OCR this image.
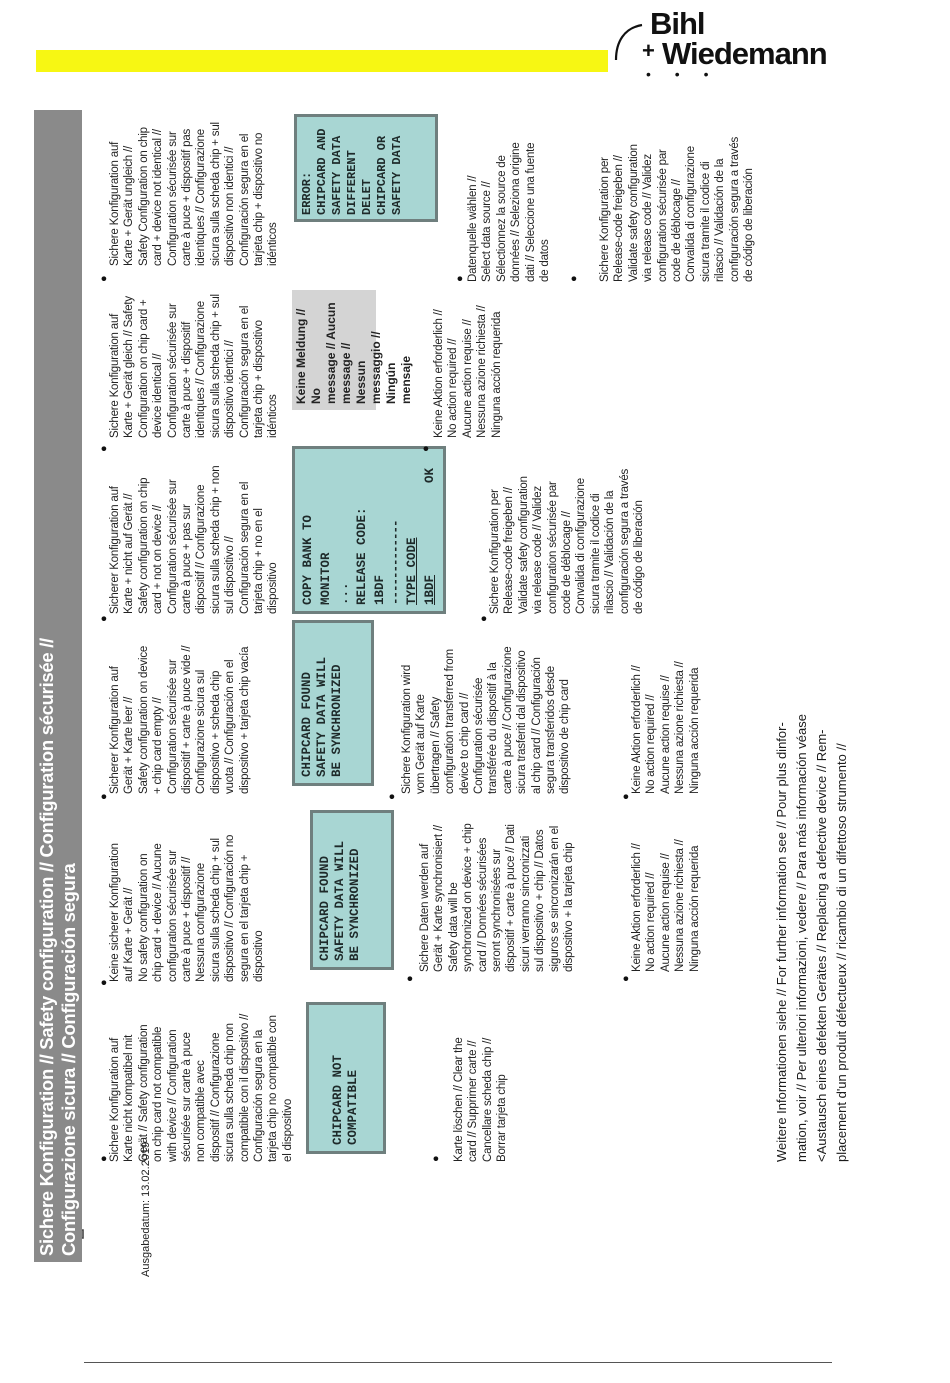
Bihl
Wiedemann
+
• • •
Ausgabedatum: 13.02.2019
Sichere Konfiguration // Safety configuration // Configuration sécurisée // Configurazione sicura // Configuración segura ● Sichere Konfiguration auf
Karte nicht kompatibel mit
Gerät // Safety configuration
on chip card not compatible
with device // Configuration
sécurisée sur carte à puce
non compatible avec
dispositif // Configurazione
sicura sulla scheda chip non
compatibile con il dispositivo //
Configuración segura en la
tarjeta chip no compatible con
el dispositivo	CHIPCARD NOT
COMPATIBLE
● Karte löschen // Clear the
card // Supprimer carte //
Cancellare scheda chip //
Borrar tarjeta chip
●
Keine sicherer Konfiguration
auf Karte + Gerät //
No safety configuration on
chip card + device // Aucune
configuration sécurisée sur
carte à puce + dispositif //
Nessuna configurazione
sicura sulla scheda chip + sul
dispositivo // Configuración no
segura en el tarjeta chip +
dispositivo	CHIPCARD FOUND
SAFETY DATA WILL
BE SYNCHRONIZED
●
Sichere Daten werden auf
Gerät + Karte synchronisiert //
Safety data will be
synchronized on device + chip
card // Données sécurisées
seront synchronisées sur
dispositif + carte à puce // Dati
sicuri verranno sincronizzati
sul dispositivo + chip // Datos
siguros se sincronizarán en el
dispositivo + la tarjeta chip
●
Keine Aktion erforderlich //
No action required //
Aucune action requise //
Nessuna azione richiesta //
Ninguna acción requerida
●
Sicherer Konfiguration auf
Gerät + Karte leer //
Safety configuration on device
+ chip card empty //
Configuration sécurisée sur
dispositif + carte à puce vide //
Configurazione sicura sul
dispositivo + scheda chip
vuota // Configuración en el
dispositivo + tarjeta chip vacía
CHIPCARD FOUND
SAFETY DATA WILL
BE SYNCHRONIZED
●
Sichere Konfiguration wird
vom Gerät auf Karte
übertragen // Safety
configuration transferred from
device to chip card //
Configuration sécurisée
transférée du dispositif à la
carte à puce // Configurazione
sicura trasferiti dal dispositivo
al chip card // Configuración
segura transferidos desde
dispositivo de chip card
●
Keine Aktion erforderlich //
No action required //
Aucune action requise //
Nessuna azione richiesta //
Ninguna acción requerida
●
Sicherer Konfiguration auf
Karte + nicht auf Gerät //
Safety configuration on chip
card + not on device //
Configuration sécurisée sur
carte à puce + pas sur
dispositif // Configurazione
sicura sulla scheda chip + non
sul dispositivo //
Configuración segura en el
tarjeta chip + no en el
dispositivo COPY BANK TO MONITOR ... RELEASE CODE: 1BDF ------------- TYPE CODE 1BDF
OK
●
Sichere Konfiguration per
Release-code freigeben //
Validate safety configuration
via release code // Validez
configuration sécurisée par
code de déblocage //
Convalida di configurazione
sicura tramite il codice di
rilascio // Validación de la
configuración segura a través
de código de liberación
●
Sichere Konfiguration auf
Karte + Gerät gleich // Safety
Configuration on chip card +
device identical //
Configuration sécurisée sur
carte à puce + dispositif
identiques // Configurazione
sicura sulla scheda chip + sul
dispositivo identici //
Configuración segura en el
tarjeta chip + dispositivo
idénticos
Keine Meldung // No
message // Aucun
message // Nessun
messaggio // Ningún
mensaje
●
Keine Aktion erforderlich //
No action required //
Aucune action requise //
Nessuna azione richiesta //
Ninguna acción requerida
●
Sichere Konfiguration auf
Karte + Gerät ungleich //
Safety Configuration on chip
card + device not identical //
Configuration sécurisée sur
carte à puce + dispositif pas
identiques // Configurazione
sicura sulla scheda chip + sul
dispositivo non identici //
Configuración segura en el
tarjeta chip + dispositivo no
idénticos
ERROR:
CHIPCARD AND
SAFETY DATA
DIFFERENT
DELET CHIPCARD OR
SAFETY DATA
● Datenquelle wählen //
Select data source //
Sélectionnez la source de
données // Seleziona origine
dati // Seleccione una fuente
de datos
● Sichere Konfiguration per
Release-code freigeben //
Validate safety configuration
via release code // Validez
configuration sécurisée par
code de déblocage //
Convalida di configurazione
sicura tramite il codice di
rilascio // Validación de la
configuración segura a través
de código de liberación
Weitere Informationen siehe // For further information see // Pour plus dinfor-
mation, voir // Per ulteriori informazioni, vedere // Para más información véase
<Austausch eines defekten Gerätes // Replacing a defective device // Rem-
placement d'un produit défectueux // ricambio di un difettoso strumento //
